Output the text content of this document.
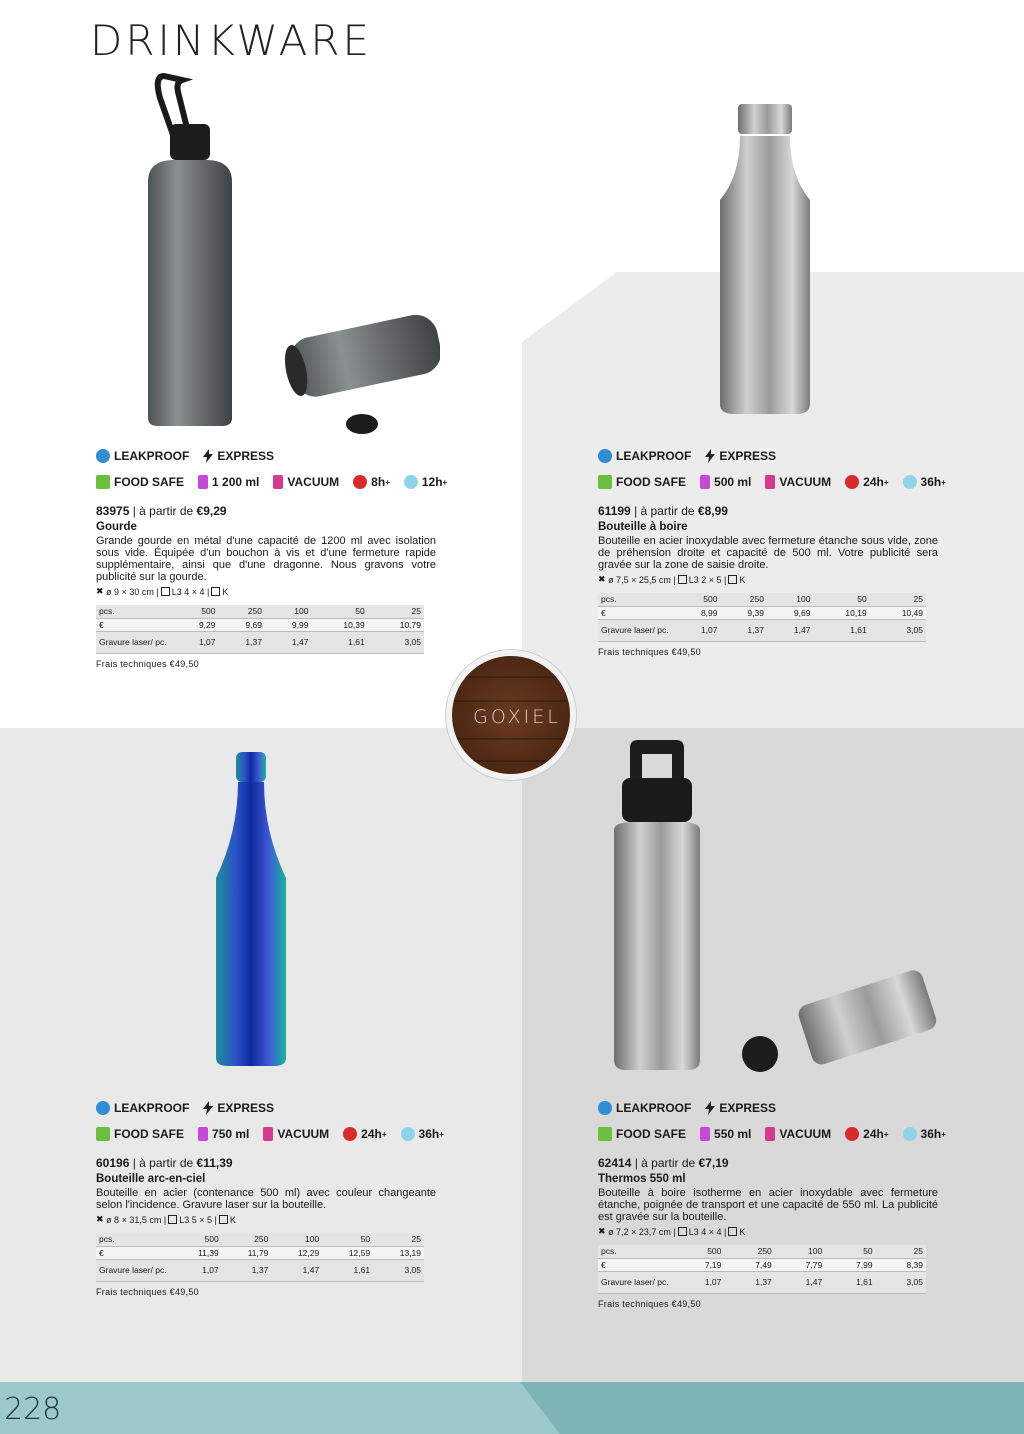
DRINKWARE
LEAKPROOF EXPRESS
FOOD SAFE 1 200 ml VACUUM	8h +	12h +
83975 | à partir de €9,29
Gourde
Grande gourde en métal d'une capacité de 1200 ml avec isolation sous vide. Équipée d'un bouchon à vis et d'une fermeture rapide supplémentaire, ainsi que d'une dragonne. Nous gravons votre publicité sur la gourde.
✖
ø 9 × 30 cm | L3 4 × 4 | K
pcs.	500	250	100	50	25
€	9,29	9,69	9,99	10,39	10,79
Gravure laser/ pc.	1,07	1,37	1,47	1,61	3,05
Frais techniques €49,50
LEAKPROOF EXPRESS
FOOD SAFE 500 ml VACUUM	24h +	36h +
61199 | à partir de €8,99
Bouteille à boire
Bouteille en acier inoxydable avec fermeture étanche sous vide, zone de préhension droite et capacité de 500 ml. Votre publicité sera gravée sur la zone de saisie droite.
✖
ø 7,5 × 25,5 cm | L3 2 × 5 | K
pcs.	500	250	100	50	25
€	8,99	9,39	9,69	10,19	10,49
Gravure laser/ pc.	1,07	1,37	1,47	1,61	3,05
Frais techniques €49,50
LEAKPROOF EXPRESS
FOOD SAFE 750 ml VACUUM	24h +	36h +
60196 | à partir de €11,39
Bouteille arc-en-ciel
Bouteille en acier (contenance 500 ml) avec couleur changeante selon l'incidence. Gravure laser sur la bouteille.
✖
ø 8 × 31,5 cm | L3 5 × 5 | K
pcs.	500	250	100	50	25
€	11,39	11,79	12,29	12,59	13,19
Gravure laser/ pc.	1,07	1,37	1,47	1,61	3,05
Frais techniques €49,50
LEAKPROOF EXPRESS
FOOD SAFE 550 ml VACUUM	24h +	36h +
62414 | à partir de €7,19
Thermos 550 ml
Bouteille à boire isotherme en acier inoxydable avec fermeture étanche, poignée de transport et une capacité de 550 ml. La publicité est gravée sur la bouteille.
✖
ø 7,2 × 23,7 cm | L3 4 × 4 | K
pcs.	500	250	100	50	25
€	7,19	7,49	7,79	7,99	8,39
Gravure laser/ pc.	1,07	1,37	1,47	1,61	3,05
Frais techniques €49,50
GOXIEL
228
